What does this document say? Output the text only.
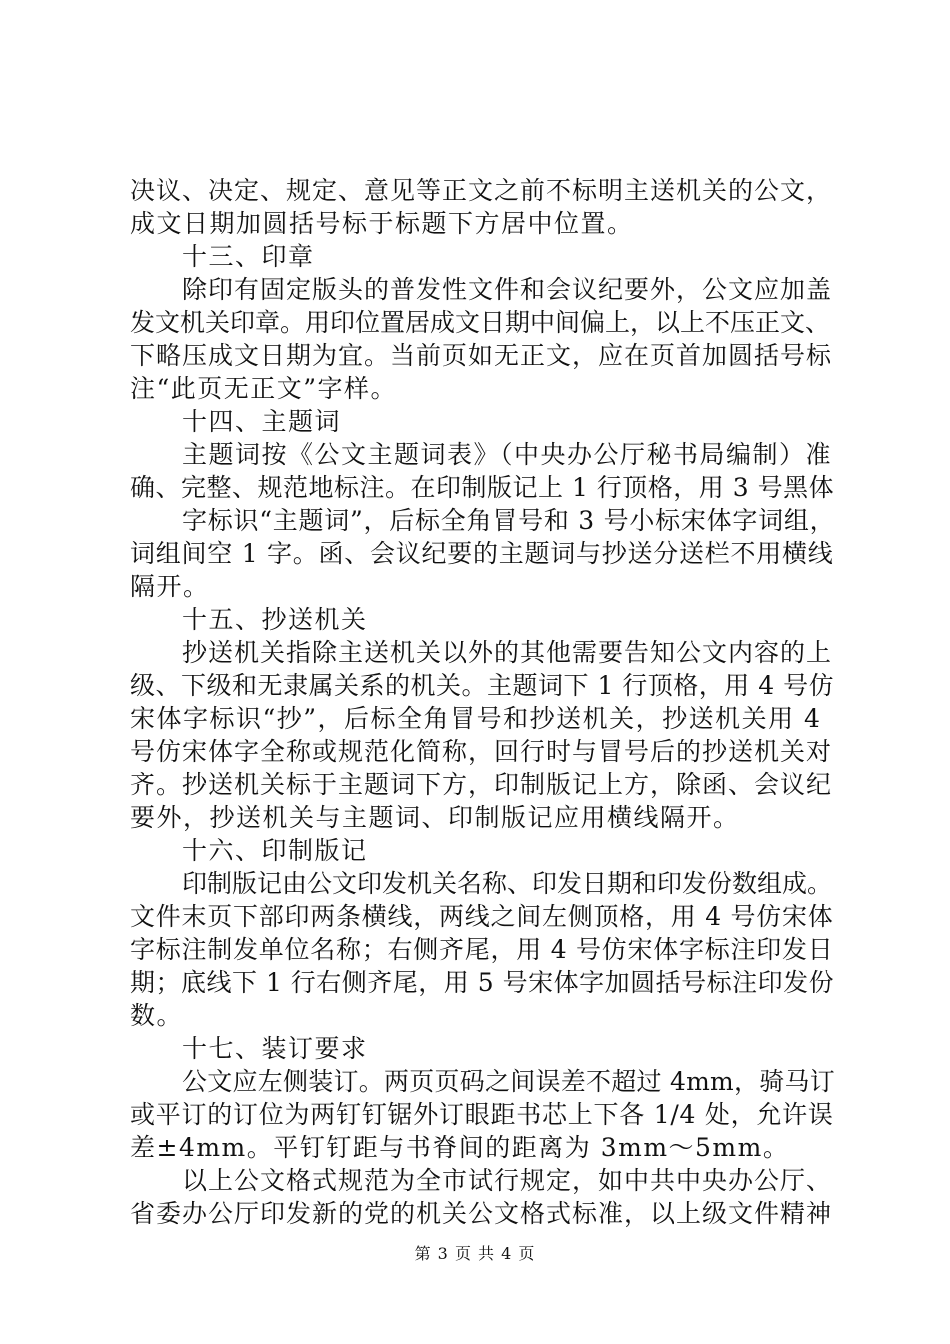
决议、决定、规定、意见等正文之前不标明主送机关的公文，
成文日期加圆括号标于标题下方居中位置。
十三、印章
除印有固定版头的普发性文件和会议纪要外，公文应加盖
发文机关印章。用印位置居成文日期中间偏上，以上不压正文、
下略压成文日期为宜。当前页如无正文，应在页首加圆括号标
注“此页无正文”字样。
十四、主题词
主题词按《公文主题词表》（中央办公厅秘书局编制）准
确、完整、规范地标注。在印制版记上 1 行顶格，用 3 号黑体
字标识“主题词”，后标全角冒号和 3 号小标宋体字词组，
词组间空 1 字。函、会议纪要的主题词与抄送分送栏不用横线
隔开。
十五、抄送机关
抄送机关指除主送机关以外的其他需要告知公文内容的上
级、下级和无隶属关系的机关。主题词下 1 行顶格，用 4 号仿
宋体字标识“抄”，后标全角冒号和抄送机关，抄送机关用 4
号仿宋体字全称或规范化简称，回行时与冒号后的抄送机关对
齐。抄送机关标于主题词下方，印制版记上方，除函、会议纪
要外，抄送机关与主题词、印制版记应用横线隔开。
十六、印制版记
印制版记由公文印发机关名称、印发日期和印发份数组成。
文件末页下部印两条横线，两线之间左侧顶格，用 4 号仿宋体
字标注制发单位名称；右侧齐尾，用 4 号仿宋体字标注印发日
期；底线下 1 行右侧齐尾，用 5 号宋体字加圆括号标注印发份
数。
十七、装订要求
公文应左侧装订。两页页码之间误差不超过 4mm，骑马订
或平订的订位为两钉钉锯外订眼距书芯上下各 1/4 处，允许误
差±4mm。平钉钉距与书脊间的距离为 3mm～5mm。
以上公文格式规范为全市试行规定，如中共中央办公厅、
省委办公厅印发新的党的机关公文格式标准，以上级文件精神
第 3 页 共 4 页
